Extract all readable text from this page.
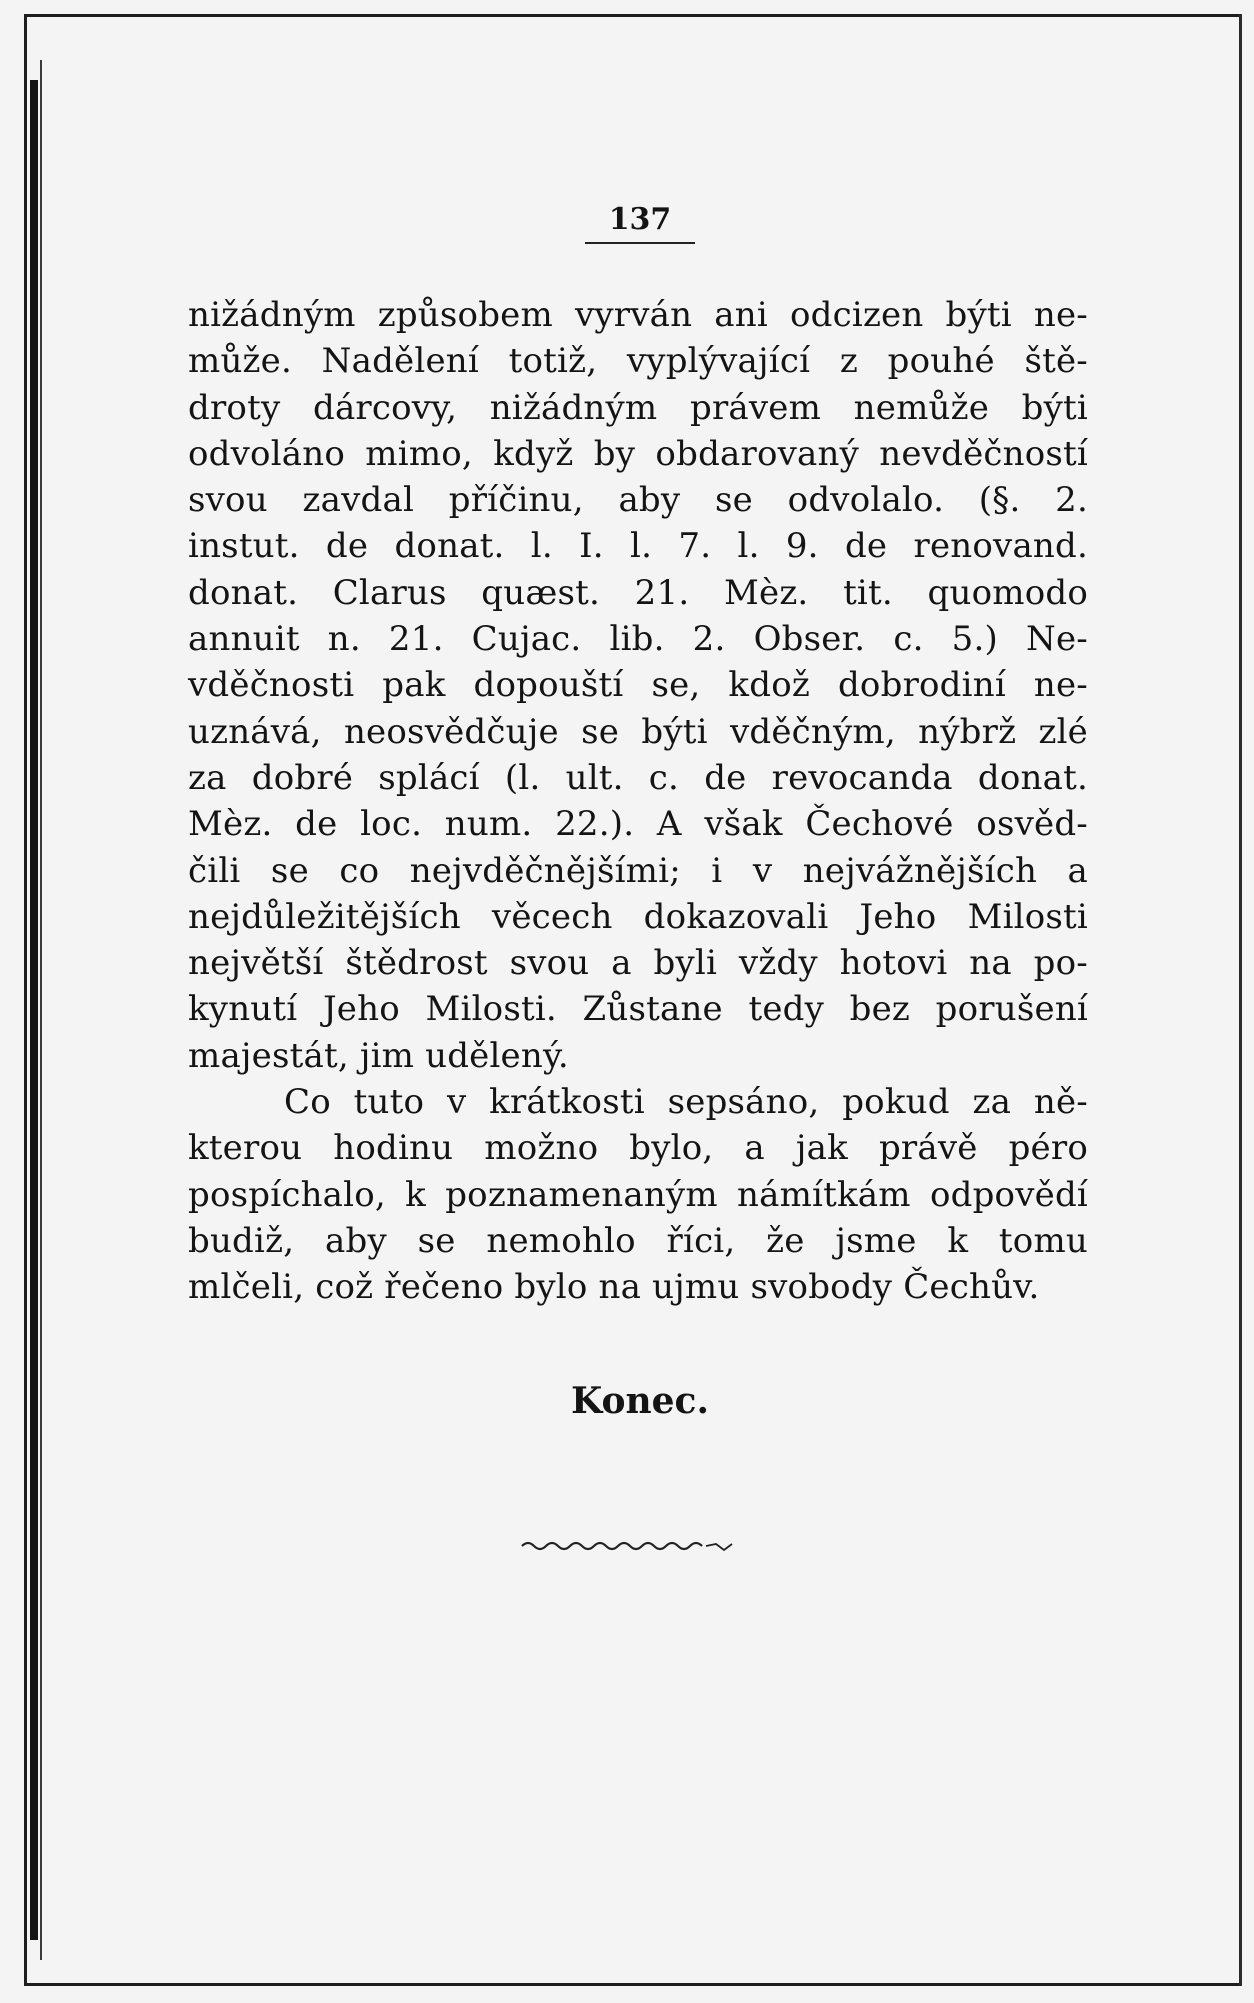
137
nižádným způsobem vyrván ani odcizen býti ne-
může. Nadělení totiž, vyplývající z pouhé ště-
droty dárcovy, nižádným právem nemůže býti
odvoláno mimo, když by obdarovaný nevděčností
svou zavdal příčinu, aby se odvolalo. (§. 2.
instut. de donat. l. I. l. 7. l. 9. de renovand.
donat. Clarus quæst. 21. Mèz. tit. quomodo
annuit n. 21. Cujac. lib. 2. Obser. c. 5.) Ne-
vděčnosti pak dopouští se, kdož dobrodiní ne-
uznává, neosvědčuje se býti vděčným, nýbrž zlé
za dobré splácí (l. ult. c. de revocanda donat.
Mèz. de loc. num. 22.). A však Čechové osvěd-
čili se co nejvděčnějšími; i v nejvážnějších a
nejdůležitějších věcech dokazovali Jeho Milosti
největší štědrost svou a byli vždy hotovi na po-
kynutí Jeho Milosti. Zůstane tedy bez porušení
majestát, jim udělený.
Co tuto v krátkosti sepsáno, pokud za ně-
kterou hodinu možno bylo, a jak právě péro
pospíchalo, k poznamenaným námítkám odpovědí
budiž, aby se nemohlo říci, že jsme k tomu
mlčeli, což řečeno bylo na ujmu svobody Čechův.
Konec.
